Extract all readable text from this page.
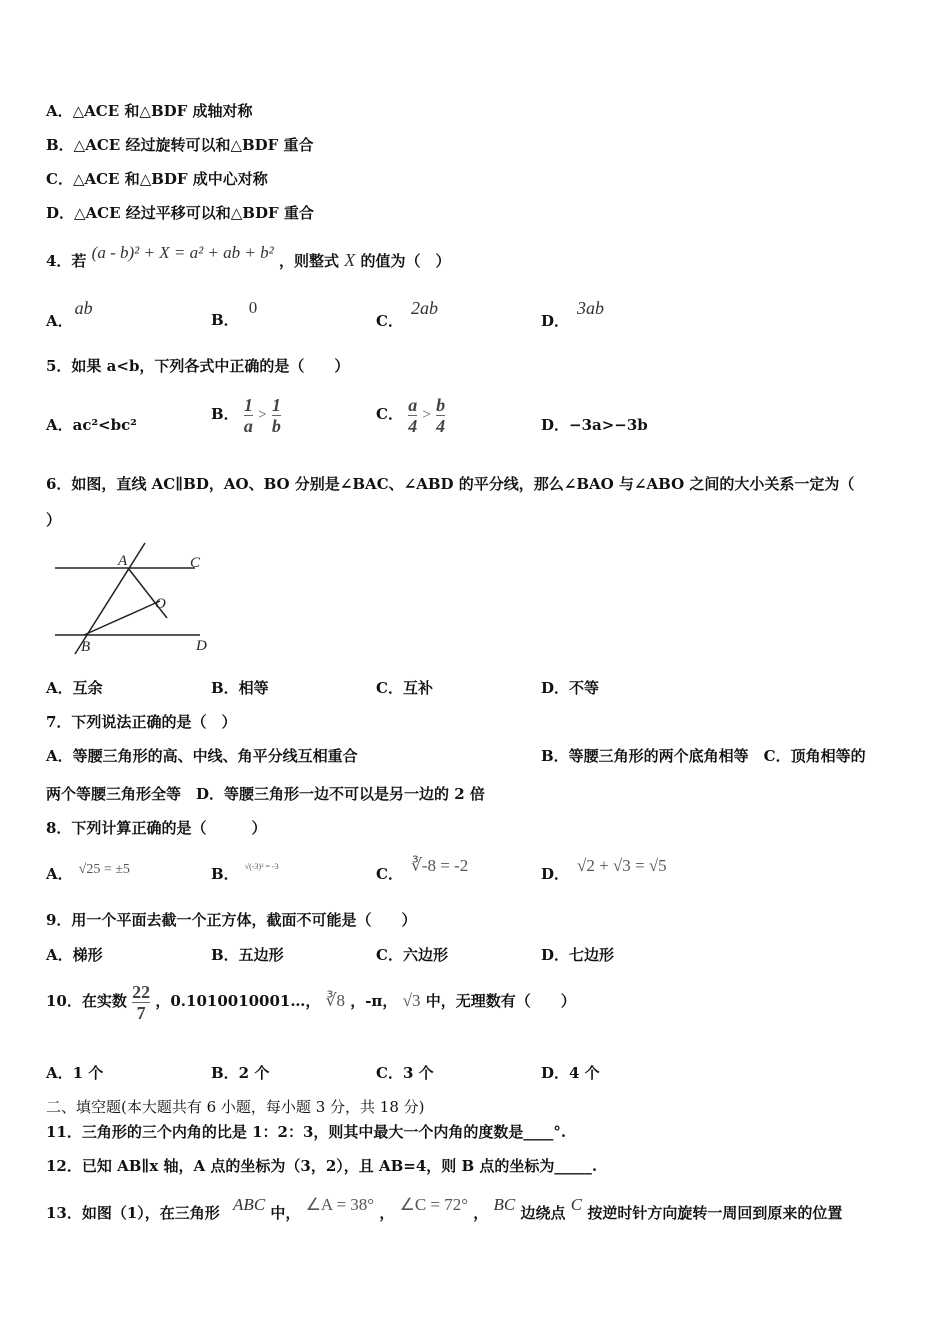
A．△ACE 和△BDF 成轴对称
B．△ACE 经过旋转可以和△BDF 重合
C．△ACE 和△BDF 成中心对称
D．△ACE 经过平移可以和△BDF 重合
4．若 (a - b)² + X = a² + ab + b² ，则整式 X 的值为（　）
A．ab
B．0
C．2ab
D．3ab
5．如果 a<b，下列各式中正确的是（　　）
A．ac²<bc²
B． $\frac{1}{a} > \frac{1}{b}$	C． $\frac{a}{4} > \frac{b}{4}$	D．−3a>−3b
6．如图，直线 AC∥BD，AO、BO 分别是∠BAC、∠ABD 的平分线，那么∠BAO 与∠ABO 之间的大小关系一定为（
）
A	C
O
B	D
A．互余	B．相等	C．互补	D．不等
7．下列说法正确的是（　）
A．等腰三角形的高、中线、角平分线互相重合	B．等腰三角形的两个底角相等　C．顶角相等的
两个等腰三角形全等　D．等腰三角形一边不可以是另一边的 2 倍
8．下列计算正确的是（　　　）
A． √25 = ±5	B． $^{√(-3)^2 = -3}$	C． ∛-8 = -2	D． √2 + √3 = √5
9．用一个平面去截一个正方体，截面不可能是（　　）
A．梯形	B．五边形	C．六边形	D．七边形
10．在实数 $\frac{22}{7}$ ，0.1010010001…， ∛8 ，-π， √3 中，无理数有（　　）
A．1 个	B．2 个	C．3 个	D．4 个
二、填空题(本大题共有 6 小题，每小题 3 分，共 18 分)
11．三角形的三个内角的比是 1：2：3，则其中最大一个内角的度数是____°.
12．已知 AB∥x 轴，A 点的坐标为（3，2），且 AB=4，则 B 点的坐标为_____.
13．如图（1），在三角形 ABC 中， ∠A = 38° ， ∠C = 72° ， BC 边绕点 C 按逆时针方向旋转一周回到原来的位置
